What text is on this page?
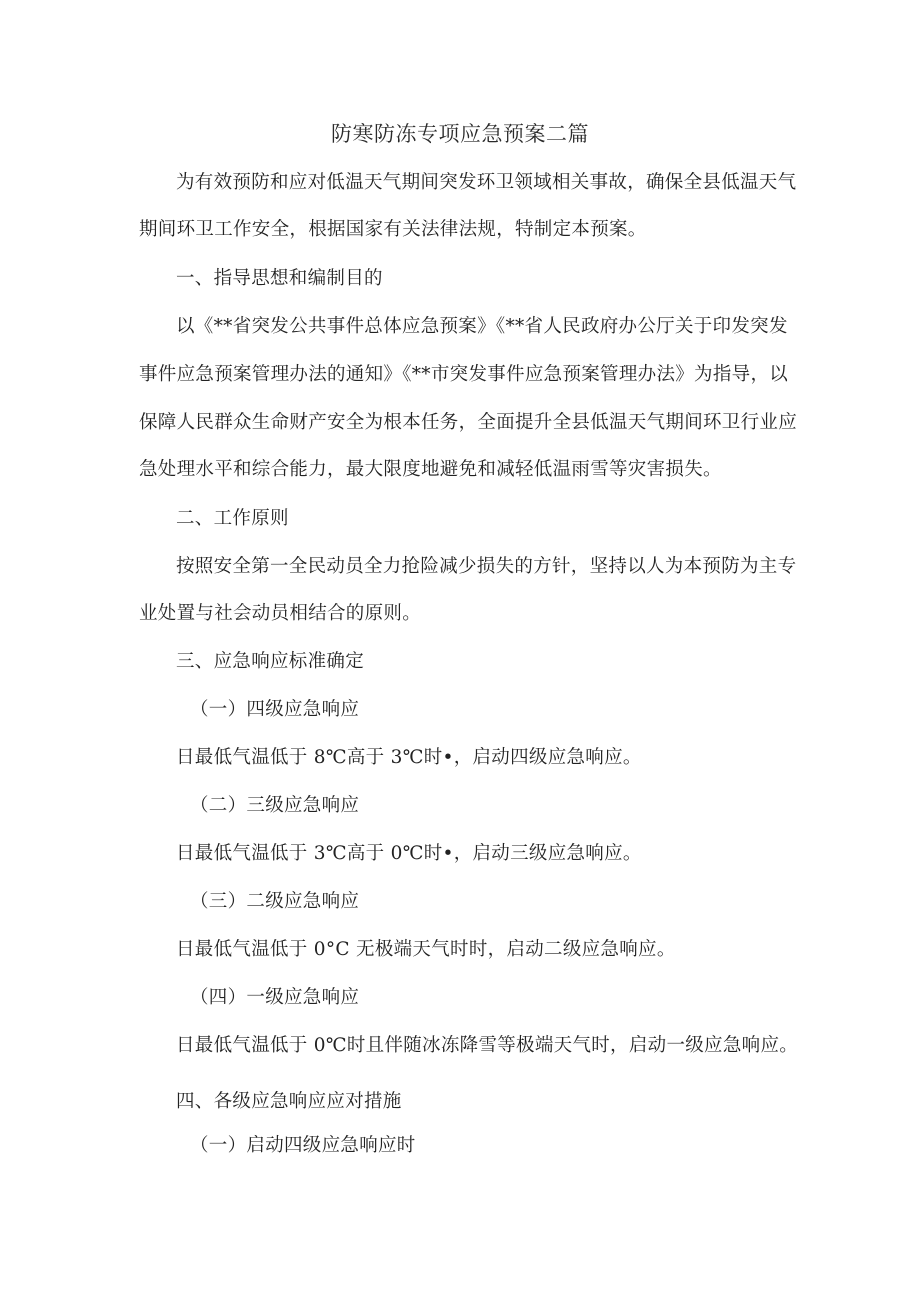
防寒防冻专项应急预案二篇
为有效预防和应对低温天气期间突发环卫领域相关事故，确保全县低温天气
期间环卫工作安全，根据国家有关法律法规，特制定本预案。
一、指导思想和编制目的
以《**省突发公共事件总体应急预案》《**省人民政府办公厅关于印发突发
事件应急预案管理办法的通知》《**市突发事件应急预案管理办法》为指导，以
保障人民群众生命财产安全为根本任务，全面提升全县低温天气期间环卫行业应
急处理水平和综合能力，最大限度地避免和减轻低温雨雪等灾害损失。
二、工作原则
按照安全第一全民动员全力抢险减少损失的方针，坚持以人为本预防为主专
业处置与社会动员相结合的原则。
三、应急响应标准确定
（一）四级应急响应
日最低气温低于 8℃高于 3℃时•，启动四级应急响应。
（二）三级应急响应
日最低气温低于 3℃高于 0℃时•，启动三级应急响应。
（三）二级应急响应
日最低气温低于 0°C 无极端天气时时，启动二级应急响应。
（四）一级应急响应
日最低气温低于 0℃时且伴随冰冻降雪等极端天气时，启动一级应急响应。
四、各级应急响应应对措施
（一）启动四级应急响应时
